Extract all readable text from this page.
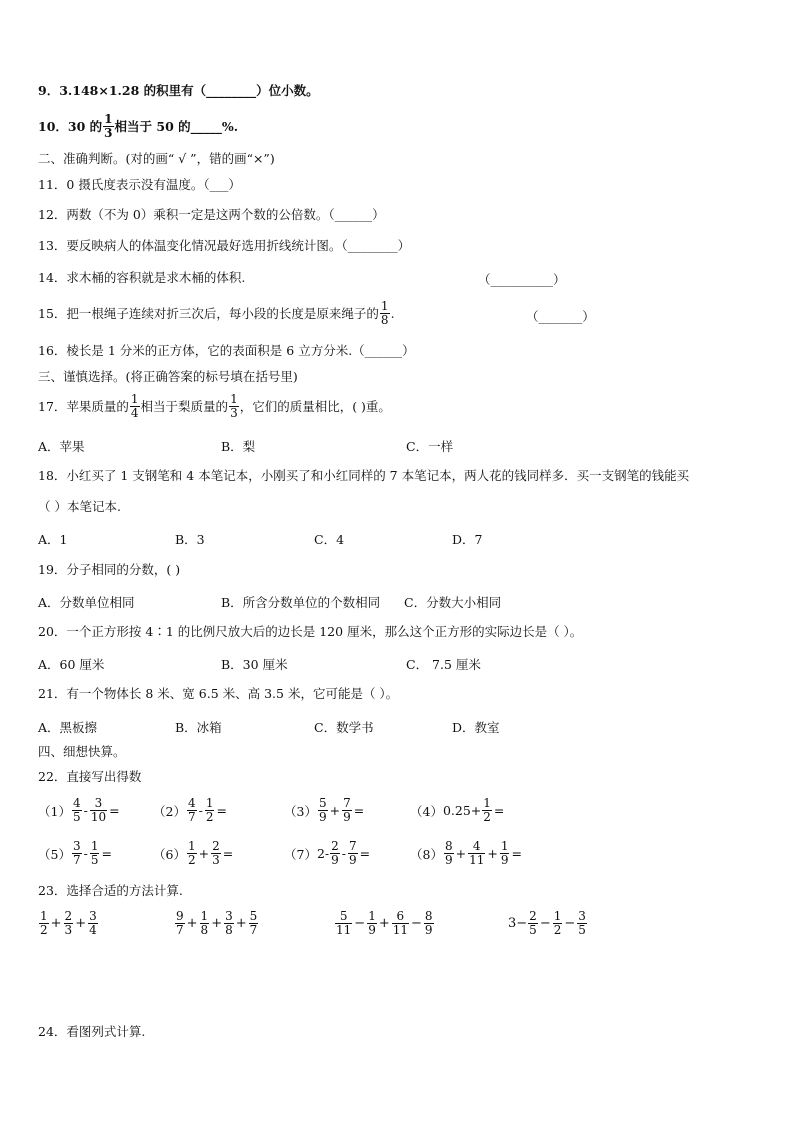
9． 3.148×1.28 的积里有（ ________ ）位小数。
10． 30 的 $\frac{1}{3}$ 相当于 50 的 _____ %.
二、准确判断。(对的画“ √ ”，错的画“×”)
11．0 摄氏度表示没有温度。（___）
12．两数（不为 0）乘积一定是这两个数的公倍数。（______）
13．要反映病人的体温变化情况最好选用折线统计图。（________）
14．求木桶的容积就是求木桶的体积.	（__________）
15．把一根绳子连续对折三次后，每小段的长度是原来绳子的 $\frac{1}{8}$ .	（_______）
16．棱长是 1 分米的正方体，它的表面积是 6 立方分米.（______）
三、谨慎选择。(将正确答案的标号填在括号里)
17．苹果质量的 $\frac{1}{4}$ 相当于梨质量的 $\frac{1}{3}$ ，它们的质量相比，( )重。
A．苹果	B．梨	C．一样
18．小红买了 1 支钢笔和 4 本笔记本，小刚买了和小红同样的 7 本笔记本，两人花的钱同样多．买一支钢笔的钱能买
（ ）本笔记本.
A．1	B．3	C．4	D．7
19．分子相同的分数，( )
A．分数单位相同	B．所含分数单位的个数相同 C．分数大小相同
20．一个正方形按 4∶1 的比例尺放大后的边长是 120 厘米，那么这个正方形的实际边长是（ ）。
A．60 厘米	B．30 厘米	C． 7.5 厘米
21．有一个物体长 8 米、宽 6.5 米、高 3.5 米，它可能是（ ）。
A．黑板擦	B．冰箱	C．数学书	D．教室
四、细想快算。
22．直接写出得数
$(1) \frac{4}{5} - \frac{3}{10}$ =	$(2) \frac{4}{7} - \frac{1}{2}$ =	$(3) \frac{5}{9} + \frac{7}{9}$ =	（4） $0.25+ \frac{1}{2}$ =
$(5) \frac{3}{7} - \frac{1}{5}$ =	$(6) \frac{1}{2} + \frac{2}{3}$ =	（7） $2- \frac{2}{9} - \frac{7}{9}$ =	$(8) \frac{8}{9} + \frac{4}{11} + \frac{1}{9}$ =
23．选择合适的方法计算.
$\frac{1}{2} + \frac{2}{3} + \frac{3}{4}$	$\frac{9}{7} + \frac{1}{8} + \frac{3}{8} + \frac{5}{7}$	$\frac{5}{11} - \frac{1}{9} + \frac{6}{11} - \frac{8}{9}$	$3- \frac{2}{5} - \frac{1}{2} - \frac{3}{5}$
24．看图列式计算.
